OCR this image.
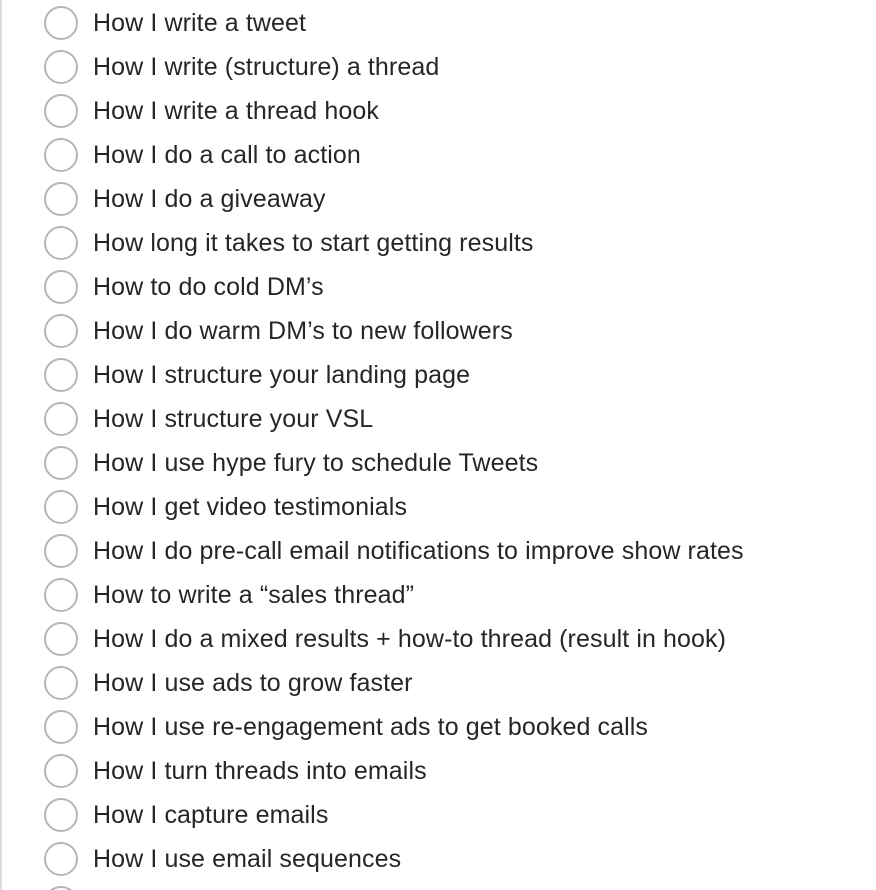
How I write a tweet
How I write (structure) a thread
How I write a thread hook
How I do a call to action
How I do a giveaway
How long it takes to start getting results
How to do cold DM’s
How I do warm DM’s to new followers
How I structure your landing page
How I structure your VSL
How I use hype fury to schedule Tweets
How I get video testimonials
How I do pre-call email notifications to improve show rates
How to write a “sales thread”
How I do a mixed results + how-to thread (result in hook)
How I use ads to grow faster
How I use re-engagement ads to get booked calls
How I turn threads into emails
How I capture emails
How I use email sequences
